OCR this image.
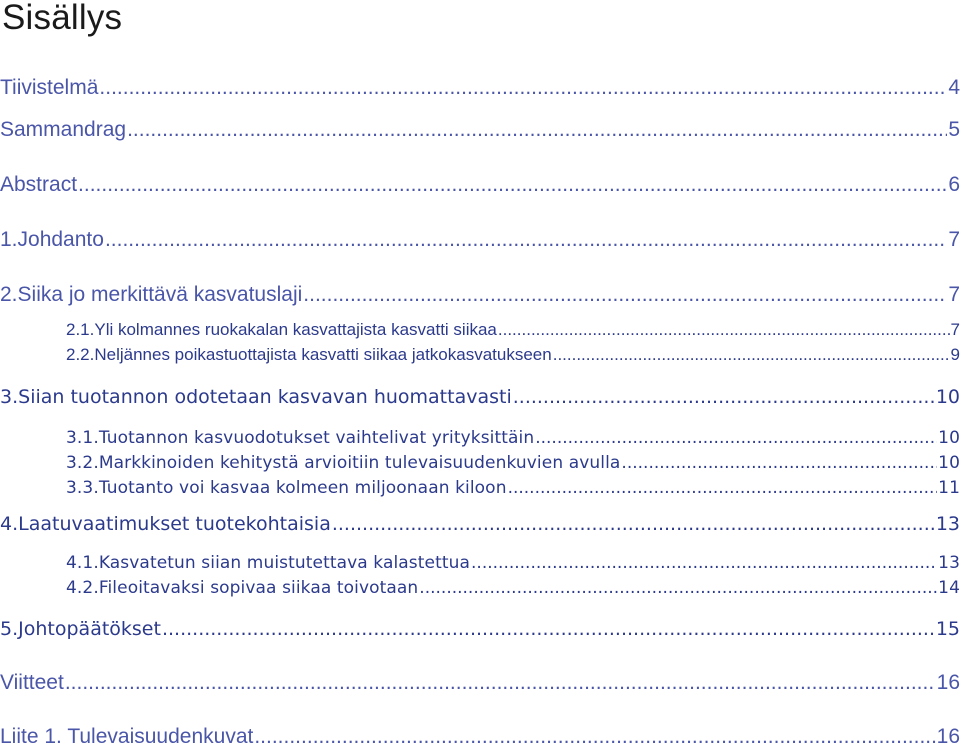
Sisällys
Tiivistelmä .....	4
Sammandrag .....	5
Abstract .....	6
1. Johdanto .....	7
2. Siika jo merkittävä kasvatuslaji .....	7
2.1. Yli kolmannes ruokakalan kasvattajista kasvatti siikaa .....	7
2.2. Neljännes poikastuottajista kasvatti siikaa jatkokasvatukseen .....	9
3. Siian tuotannon odotetaan kasvavan huomattavasti .....	10
3.1. Tuotannon kasvuodotukset vaihtelivat yrityksittäin .....	10
3.2. Markkinoiden kehitystä arvioitiin tulevaisuudenkuvien avulla .....	10
3.3. Tuotanto voi kasvaa kolmeen miljoonaan kiloon .....	11
4. Laatuvaatimukset tuotekohtaisia .....	13
4.1. Kasvatetun siian muistutettava kalastettua .....	13
4.2. Fileoitavaksi sopivaa siikaa toivotaan .....	14
5. Johtopäätökset .....	15
Viitteet .....	16
Liite 1. Tulevaisuudenkuvat .....	16
